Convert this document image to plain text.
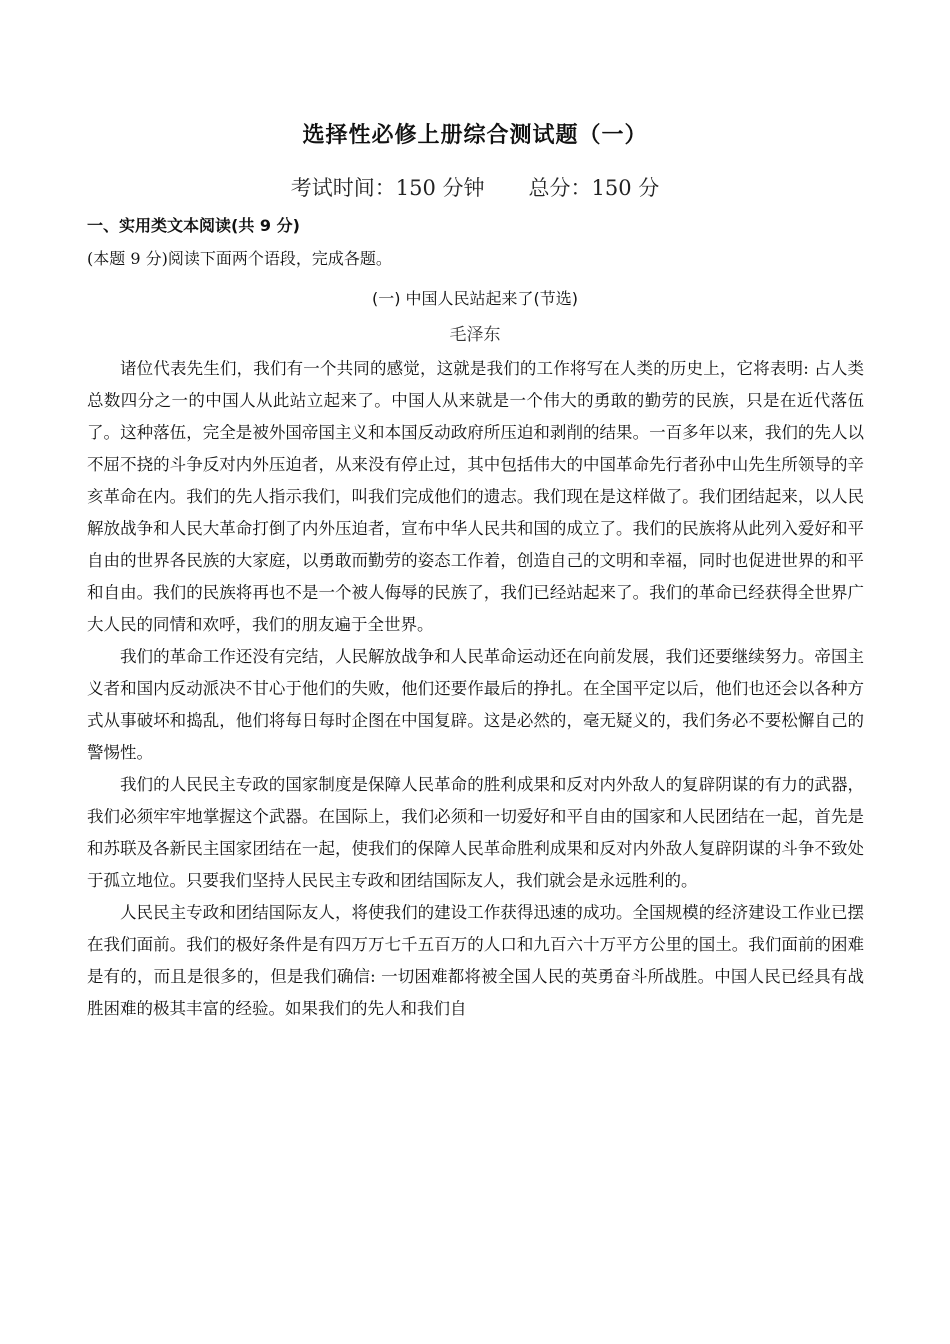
选择性必修上册综合测试题（一）
考试时间：150 分钟 总分：150 分
一、实用类文本阅读(共 9 分)
(本题 9 分)阅读下面两个语段，完成各题。
(一) 中国人民站起来了(节选)
毛泽东

诸位代表先生们，我们有一个共同的感觉，这就是我们的工作将写在人类的历史上，它将表明: 占人类总数四分之一的中国人从此站立起来了。中国人从来就是一个伟大的勇敢的勤劳的民族，只是在近代落伍了。这种落伍，完全是被外国帝国主义和本国反动政府所压迫和剥削的结果。一百多年以来，我们的先人以不屈不挠的斗争反对内外压迫者，从来没有停止过，其中包括伟大的中国革命先行者孙中山先生所领导的辛亥革命在内。我们的先人指示我们，叫我们完成他们的遗志。我们现在是这样做了。我们团结起来，以人民解放战争和人民大革命打倒了内外压迫者，宣布中华人民共和国的成立了。我们的民族将从此列入爱好和平自由的世界各民族的大家庭，以勇敢而勤劳的姿态工作着，创造自己的文明和幸福，同时也促进世界的和平和自由。我们的民族将再也不是一个被人侮辱的民族了，我们已经站起来了。我们的革命已经获得全世界广大人民的同情和欢呼，我们的朋友遍于全世界。

我们的革命工作还没有完结，人民解放战争和人民革命运动还在向前发展，我们还要继续努力。帝国主义者和国内反动派决不甘心于他们的失败，他们还要作最后的挣扎。在全国平定以后，他们也还会以各种方式从事破坏和捣乱，他们将每日每时企图在中国复辟。这是必然的，毫无疑义的，我们务必不要松懈自己的警惕性。

我们的人民民主专政的国家制度是保障人民革命的胜利成果和反对内外敌人的复辟阴谋的有力的武器，我们必须牢牢地掌握这个武器。在国际上，我们必须和一切爱好和平自由的国家和人民团结在一起，首先是和苏联及各新民主国家团结在一起，使我们的保障人民革命胜利成果和反对内外敌人复辟阴谋的斗争不致处于孤立地位。只要我们坚持人民民主专政和团结国际友人，我们就会是永远胜利的。

人民民主专政和团结国际友人，将使我们的建设工作获得迅速的成功。全国规模的经济建设工作业已摆在我们面前。我们的极好条件是有四万万七千五百万的人口和九百六十万平方公里的国土。我们面前的困难是有的，而且是很多的，但是我们确信: 一切困难都将被全国人民的英勇奋斗所战胜。中国人民已经具有战胜困难的极其丰富的经验。如果我们的先人和我们自
